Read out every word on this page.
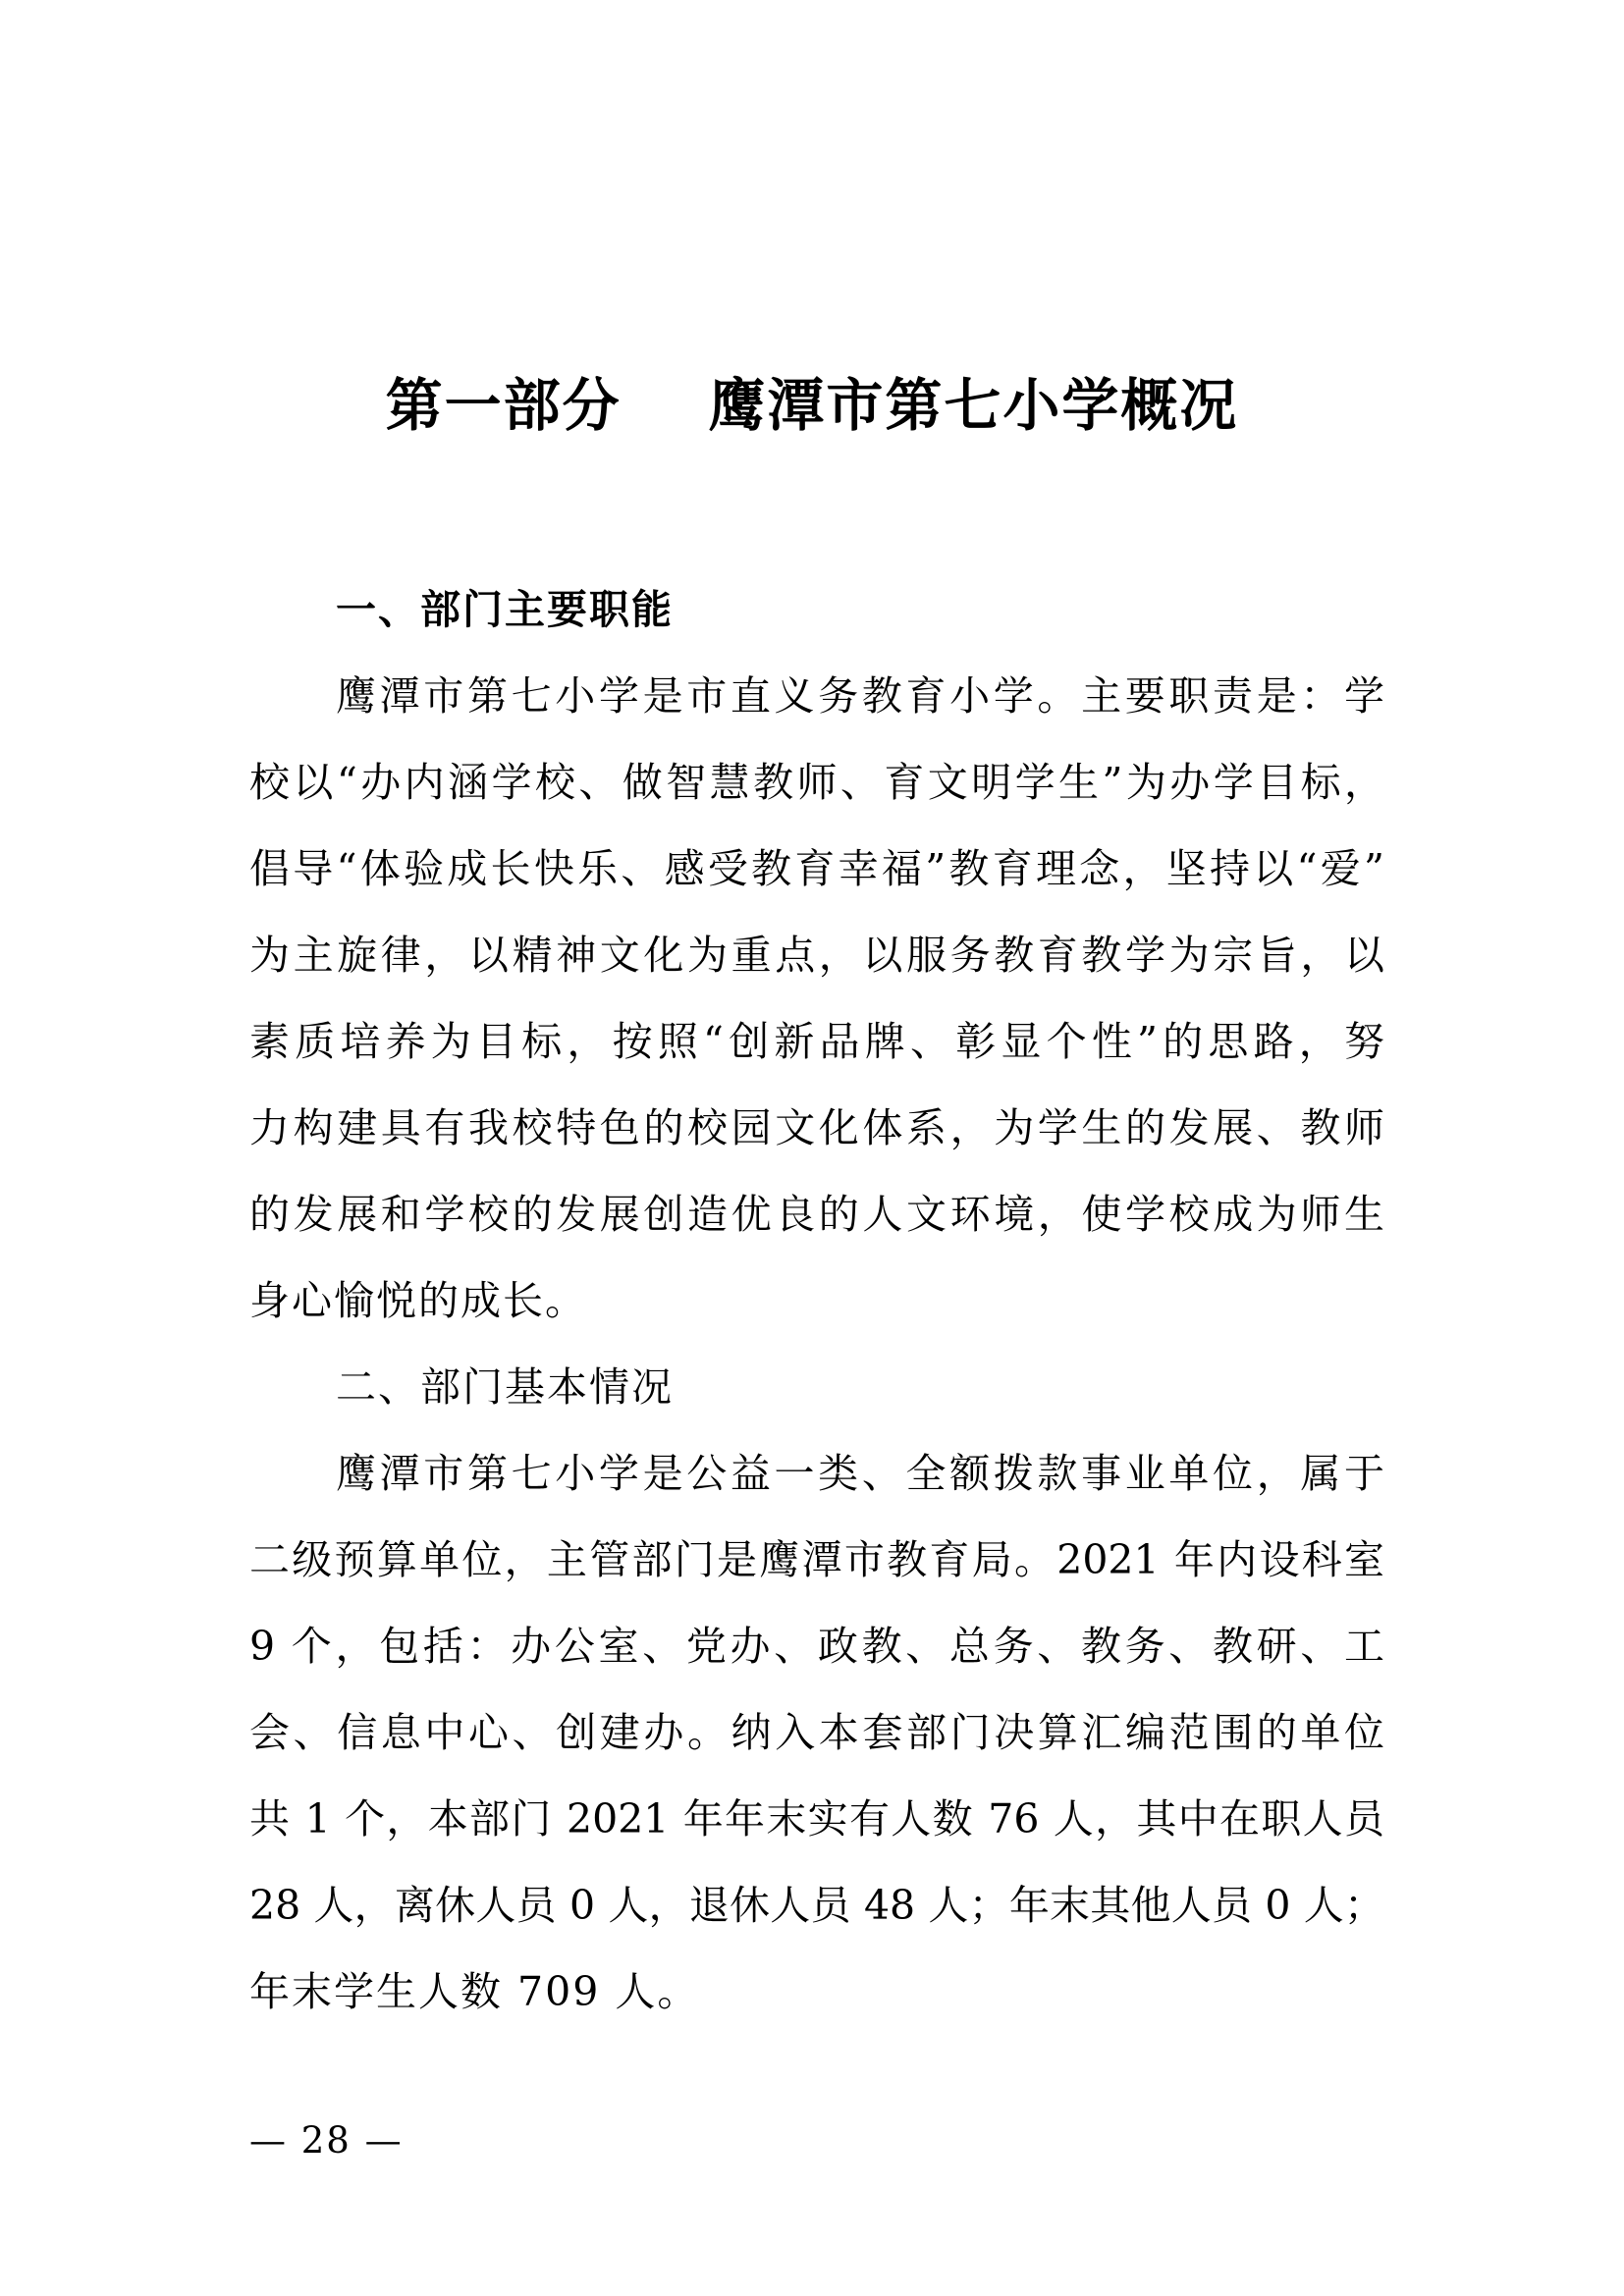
第一部分    鹰潭市第七小学概况
一、部门主要职能
鹰潭市第七小学是市直义务教育小学。主要职责是：学
校以“办内涵学校、做智慧教师、育文明学生”为办学目标，
倡导“体验成长快乐、感受教育幸福”教育理念，坚持以“爱”
为主旋律，以精神文化为重点，以服务教育教学为宗旨，以
素质培养为目标，按照“创新品牌、彰显个性”的思路，努
力构建具有我校特色的校园文化体系，为学生的发展、教师
的发展和学校的发展创造优良的人文环境，使学校成为师生
身心愉悦的成长。
二、部门基本情况
鹰潭市第七小学是公益一类、全额拨款事业单位，属于
二级预算单位，主管部门是鹰潭市教育局。2021 年内设科室
9 个，包括：办公室、党办、政教、总务、教务、教研、工
会、信息中心、创建办。纳入本套部门决算汇编范围的单位
共 1 个，本部门 2021 年年末实有人数 76 人，其中在职人员
28 人，离休人员 0 人，退休人员 48 人；年末其他人员 0 人；
年末学生人数 709 人。
— 28 —
